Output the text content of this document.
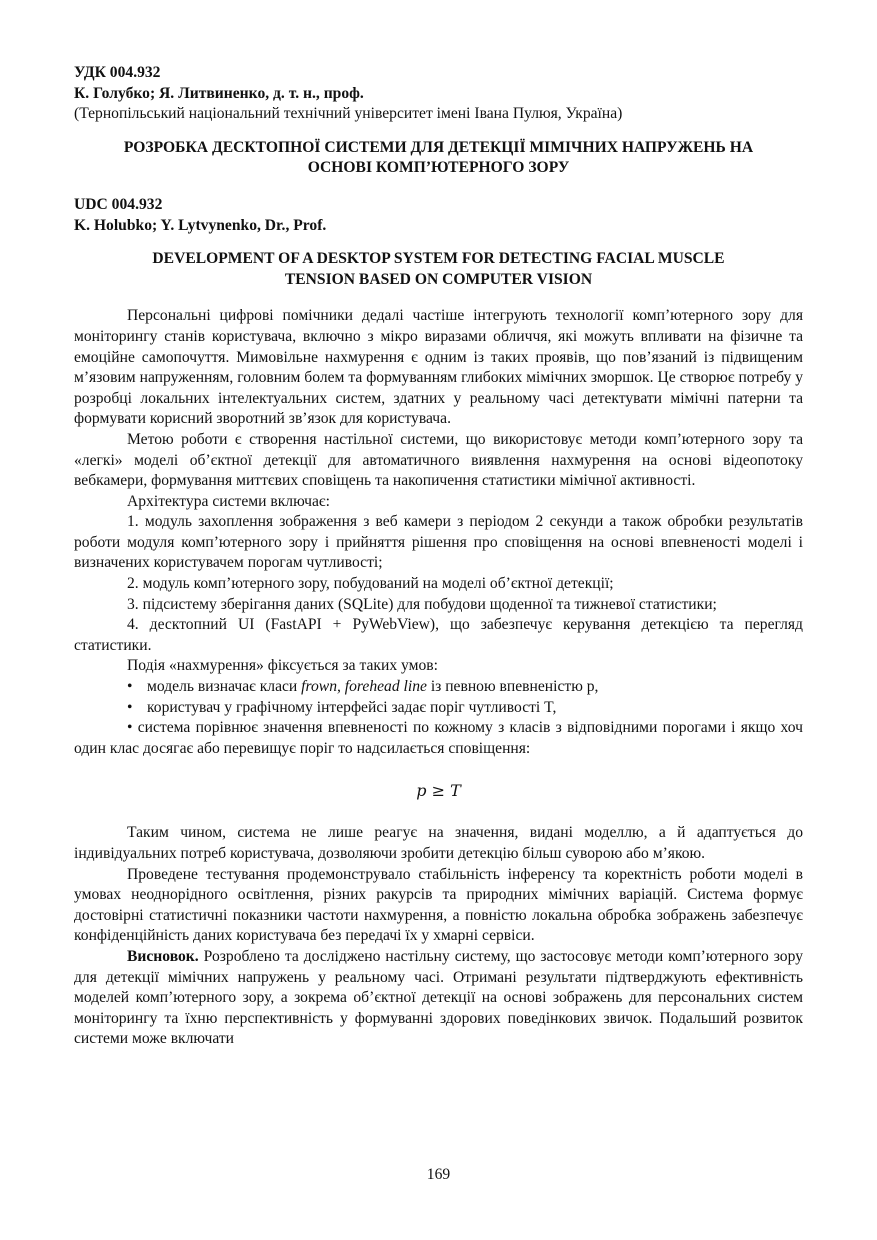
УДК 004.932
К. Голубко; Я. Литвиненко, д. т. н., проф.
(Тернопільський національний технічний університет імені Івана Пулюя, Україна)
РОЗРОБКА ДЕСКТОПНОЇ СИСТЕМИ ДЛЯ ДЕТЕКЦІЇ МІМІЧНИХ НАПРУЖЕНЬ НА
ОСНОВІ КОМП’ЮТЕРНОГО ЗОРУ
UDC 004.932
K. Holubko; Y. Lytvynenko, Dr., Prof.
DEVELOPMENT OF A DESKTOP SYSTEM FOR DETECTING FACIAL MUSCLE
TENSION BASED ON COMPUTER VISION

Персональні цифрові помічники дедалі частіше інтегрують технології комп’ютерного зору для моніторингу станів користувача, включно з мікро виразами обличчя, які можуть впливати на фізичне та емоційне самопочуття. Мимовільне нахмурення є одним із таких проявів, що пов’язаний із підвищеним м’язовим напруженням, головним болем та формуванням глибоких мімічних зморшок. Це створює потребу у розробці локальних інтелектуальних систем, здатних у реальному часі детектувати мімічні патерни та формувати корисний зворотний зв’язок для користувача.

Метою роботи є створення настільної системи, що використовує методи комп’ютерного зору та «легкі» моделі об’єктної детекції для автоматичного виявлення нахмурення на основі відеопотоку вебкамери, формування миттєвих сповіщень та накопичення статистики мімічної активності.

Архітектура системи включає:

1. модуль захоплення зображення з веб камери з періодом 2 секунди а також обробки результатів роботи модуля комп’ютерного зору і прийняття рішення про сповіщення на основі впевненості моделі і визначених користувачем порогам чутливості;

2. модуль комп’ютерного зору, побудований на моделі об’єктної детекції;

3. підсистему зберігання даних (SQLite) для побудови щоденної та тижневої статистики;

4. десктопний UI (FastAPI + PyWebView), що забезпечує керування детекцією та перегляд статистики.

Подія «нахмурення» фіксується за таких умов:

• модель визначає класи frown, forehead line із певною впевненістю p,
• користувач у графічному інтерфейсі задає поріг чутливості T,

• система порівнює значення впевненості по кожному з класів з відповідними порогами і якщо хоч один клас досягає або перевищує поріг то надсилається сповіщення:

p ≥ T

Таким чином, система не лише реагує на значення, видані моделлю, а й адаптується до індивідуальних потреб користувача, дозволяючи зробити детекцію більш суворою або м’якою.

Проведене тестування продемонструвало стабільність інференсу та коректність роботи моделі в умовах неоднорідного освітлення, різних ракурсів та природних мімічних варіацій. Система формує достовірні статистичні показники частоти нахмурення, а повністю локальна обробка зображень забезпечує конфіденційність даних користувача без передачі їх у хмарні сервіси.

Висновок. Розроблено та досліджено настільну систему, що застосовує методи комп’ютерного зору для детекції мімічних напружень у реальному часі. Отримані результати підтверджують ефективність моделей комп’ютерного зору, а зокрема об’єктної детекції на основі зображень для персональних систем моніторингу та їхню перспективність у формуванні здорових поведінкових звичок. Подальший розвиток системи може включати

169
